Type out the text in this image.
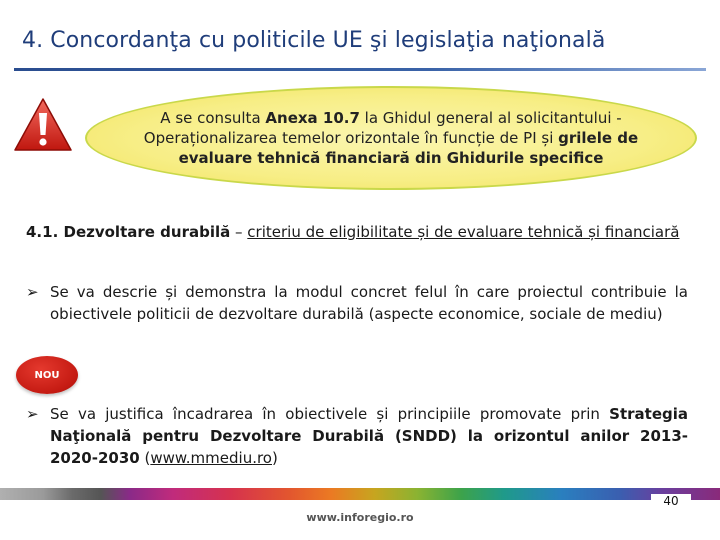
4. Concordanţa cu politicile UE şi legislaţia naţională
A se consulta Anexa 10.7 la Ghidul general al solicitantului - Operaționalizarea temelor orizontale în funcție de PI și grilele de evaluare tehnică financiară din Ghidurile specifice
4.1. Dezvoltare durabilă – criteriu de eligibilitate și de evaluare tehnică și financiară
➢ Se va descrie și demonstra la modul concret felul în care proiectul contribuie la obiectivele politicii de dezvoltare durabilă (aspecte economice, sociale de mediu)
NOU
➢ Se va justifica încadrarea în obiectivele și principiile promovate prin Strategia Naţională pentru Dezvoltare Durabilă (SNDD) la orizontul anilor 2013-2020-2030 (www.mmediu.ro)
40
www.inforegio.ro
